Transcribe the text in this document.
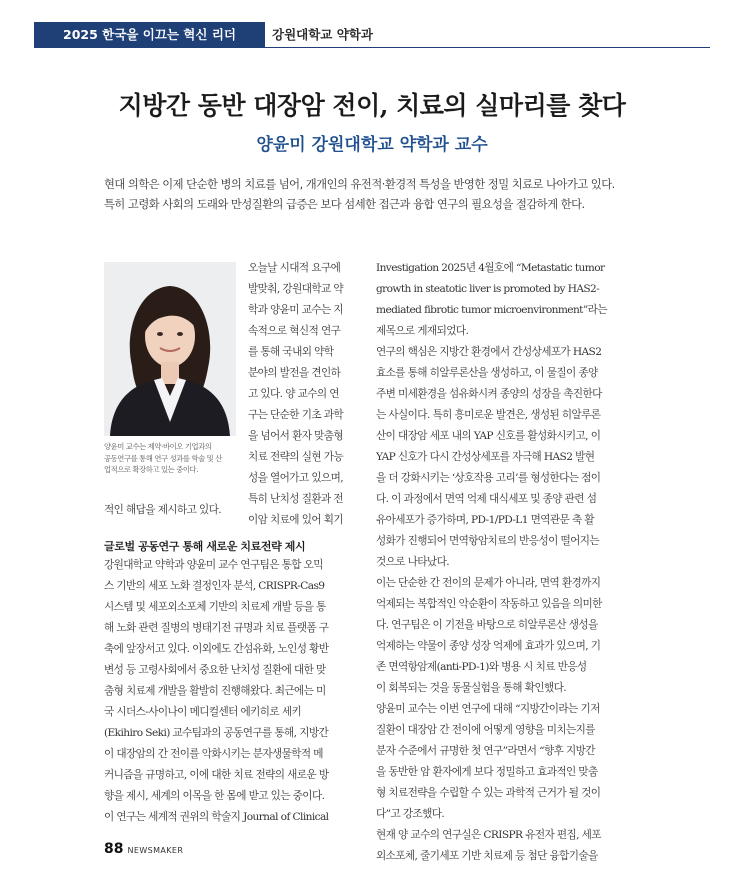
2025 한국을 이끄는 혁신 리더	강원대학교 약학과
지방간 동반 대장암 전이, 치료의 실마리를 찾다
양윤미 강원대학교 약학과 교수
현대 의학은 이제 단순한 병의 치료를 넘어, 개개인의 유전적·환경적 특성을 반영한 정밀 치료로 나아가고 있다.
특히 고령화 사회의 도래와 만성질환의 급증은 보다 섬세한 접근과 융합 연구의 필요성을 절감하게 한다.
양윤미 교수는 제약·바이오 기업과의
공동연구를 통해 연구 성과를 학술 및 산
업적으로 확장하고 있는 중이다.
오늘날 시대적 요구에
발맞춰, 강원대학교 약
학과 양윤미 교수는 지
속적으로 혁신적 연구
를 통해 국내외 약학
분야의 발전을 견인하
고 있다. 양 교수의 연
구는 단순한 기초 과학
을 넘어서 환자 맞춤형
치료 전략의 실현 가능
성을 열어가고 있으며,
특히 난치성 질환과 전
이암 치료에 있어 획기
적인 해답을 제시하고 있다.
글로벌 공동연구 통해 새로운 치료전략 제시
강원대학교 약학과 양윤미 교수 연구팀은 통합 오믹
스 기반의 세포 노화 결정인자 분석, CRISPR-Cas9
시스템 및 세포외소포체 기반의 치료제 개발 등을 통
해 노화 관련 질병의 병태기전 규명과 치료 플랫폼 구
축에 앞장서고 있다. 이외에도 간섬유화, 노인성 황반
변성 등 고령사회에서 중요한 난치성 질환에 대한 맞
춤형 치료제 개발을 활발히 진행해왔다. 최근에는 미
국 시더스-사이나이 메디컬센터 에키히로 세키
(Ekihiro Seki) 교수팀과의 공동연구를 통해, 지방간
이 대장암의 간 전이를 악화시키는 분자생물학적 메
커니즘을 규명하고, 이에 대한 치료 전략의 새로운 방
향을 제시, 세계의 이목을 한 몸에 받고 있는 중이다.
이 연구는 세계적 권위의 학술지 Journal of Clinical
Investigation 2025년 4월호에 “Metastatic tumor
growth in steatotic liver is promoted by HAS2-
mediated fibrotic tumor microenvironment”라는
제목으로 게재되었다.
연구의 핵심은 지방간 환경에서 간성상세포가 HAS2
효소를 통해 히알루론산을 생성하고, 이 물질이 종양
주변 미세환경을 섬유화시켜 종양의 성장을 촉진한다
는 사실이다. 특히 흥미로운 발견은, 생성된 히알루론
산이 대장암 세포 내의 YAP 신호를 활성화시키고, 이
YAP 신호가 다시 간성상세포를 자극해 HAS2 발현
을 더 강화시키는 ‘상호작용 고리’를 형성한다는 점이
다. 이 과정에서 면역 억제 대식세포 및 종양 관련 섬
유아세포가 증가하며, PD-1/PD-L1 면역관문 축 활
성화가 진행되어 면역항암치료의 반응성이 떨어지는
것으로 나타났다.
이는 단순한 간 전이의 문제가 아니라, 면역 환경까지
억제되는 복합적인 악순환이 작동하고 있음을 의미한
다. 연구팀은 이 기전을 바탕으로 히알루론산 생성을
억제하는 약물이 종양 성장 억제에 효과가 있으며, 기
존 면역항암제(anti-PD-1)와 병용 시 치료 반응성
이 회복되는 것을 동물실험을 통해 확인했다.
양윤미 교수는 이번 연구에 대해 “지방간이라는 기저
질환이 대장암 간 전이에 어떻게 영향을 미치는지를
분자 수준에서 규명한 첫 연구”라면서 “향후 지방간
을 동반한 암 환자에게 보다 정밀하고 효과적인 맞춤
형 치료전략을 수립할 수 있는 과학적 근거가 될 것이
다”고 강조했다.
현재 양 교수의 연구실은 CRISPR 유전자 편집, 세포
외소포체, 줄기세포 기반 치료제 등 첨단 융합기술을
88 NEWSMAKER
